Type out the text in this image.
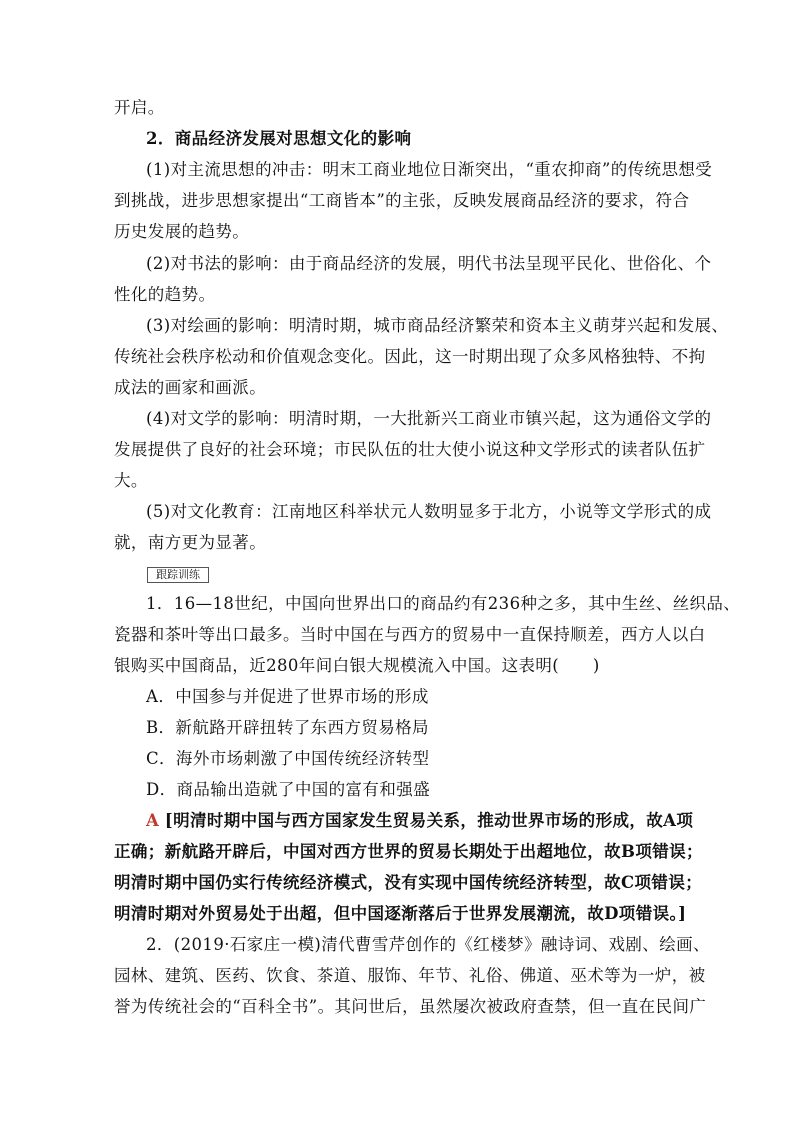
开启。
2．商品经济发展对思想文化的影响
(1)对主流思想的冲击：明末工商业地位日渐突出，“重农抑商”的传统思想受
到挑战，进步思想家提出“工商皆本”的主张，反映发展商品经济的要求，符合
历史发展的趋势。
(2)对书法的影响：由于商品经济的发展，明代书法呈现平民化、世俗化、个
性化的趋势。
(3)对绘画的影响：明清时期，城市商品经济繁荣和资本主义萌芽兴起和发展、
传统社会秩序松动和价值观念变化。因此，这一时期出现了众多风格独特、不拘
成法的画家和画派。
(4)对文学的影响：明清时期，一大批新兴工商业市镇兴起，这为通俗文学的
发展提供了良好的社会环境；市民队伍的壮大使小说这种文学形式的读者队伍扩
大。
(5)对文化教育：江南地区科举状元人数明显多于北方，小说等文学形式的成
就，南方更为显著。
跟踪训练
1．16—18世纪，中国向世界出口的商品约有236种之多，其中生丝、丝织品、
瓷器和茶叶等出口最多。当时中国在与西方的贸易中一直保持顺差，西方人以白
银购买中国商品，近280年间白银大规模流入中国。这表明(　　)
A．中国参与并促进了世界市场的形成
B．新航路开辟扭转了东西方贸易格局
C．海外市场刺激了中国传统经济转型
D．商品输出造就了中国的富有和强盛
A [明清时期中国与西方国家发生贸易关系，推动世界市场的形成，故A项
正确；新航路开辟后，中国对西方世界的贸易长期处于出超地位，故B项错误；
明清时期中国仍实行传统经济模式，没有实现中国传统经济转型，故C项错误；
明清时期对外贸易处于出超，但中国逐渐落后于世界发展潮流，故D项错误。]
2．(2019·石家庄一模)清代曹雪芹创作的《红楼梦》融诗词、戏剧、绘画、
园林、建筑、医药、饮食、茶道、服饰、年节、礼俗、佛道、巫术等为一炉，被
誉为传统社会的“百科全书”。其问世后，虽然屡次被政府查禁，但一直在民间广
